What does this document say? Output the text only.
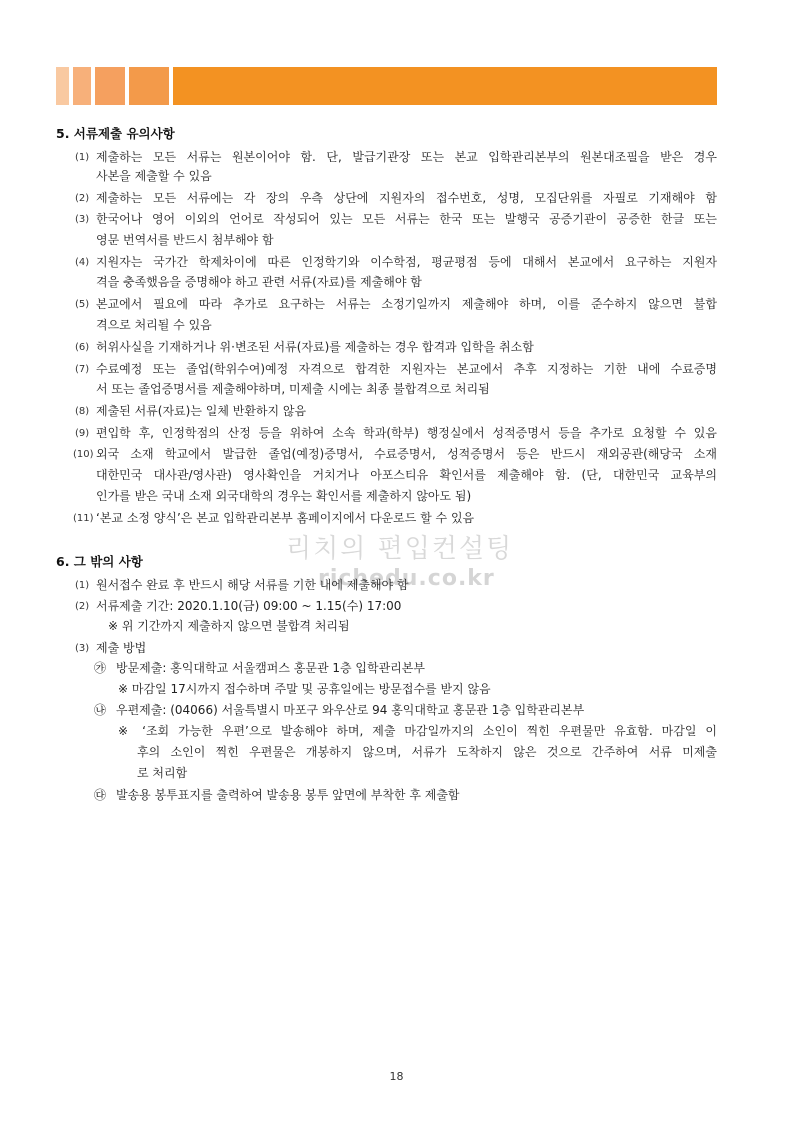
5. 서류제출 유의사항
(1) 제출하는 모든 서류는 원본이어야 함. 단, 발급기관장 또는 본교 입학관리본부의 원본대조필을 받은 경우
사본을 제출할 수 있음
(2) 제출하는 모든 서류에는 각 장의 우측 상단에 지원자의 접수번호, 성명, 모집단위를 자필로 기재해야 함
(3) 한국어나 영어 이외의 언어로 작성되어 있는 모든 서류는 한국 또는 발행국 공증기관이 공증한 한글 또는
영문 번역서를 반드시 첨부해야 함
(4) 지원자는 국가간 학제차이에 따른 인정학기와 이수학점, 평균평점 등에 대해서 본교에서 요구하는 지원자
격을 충족했음을 증명해야 하고 관련 서류(자료)를 제출해야 함
(5) 본교에서 필요에 따라 추가로 요구하는 서류는 소정기일까지 제출해야 하며, 이를 준수하지 않으면 불합
격으로 처리될 수 있음
(6) 허위사실을 기재하거나 위·변조된 서류(자료)를 제출하는 경우 합격과 입학을 취소함
(7) 수료예정 또는 졸업(학위수여)예정 자격으로 합격한 지원자는 본교에서 추후 지정하는 기한 내에 수료증명
서 또는 졸업증명서를 제출해야하며, 미제출 시에는 최종 불합격으로 처리됨
(8) 제출된 서류(자료)는 일체 반환하지 않음
(9) 편입학 후, 인정학점의 산정 등을 위하여 소속 학과(학부) 행정실에서 성적증명서 등을 추가로 요청할 수 있음
(10) 외국 소재 학교에서 발급한 졸업(예정)증명서, 수료증명서, 성적증명서 등은 반드시 재외공관(해당국 소재
대한민국 대사관/영사관) 영사확인을 거치거나 아포스티유 확인서를 제출해야 함. (단, 대한민국 교육부의
인가를 받은 국내 소재 외국대학의 경우는 확인서를 제출하지 않아도 됨)
(11) ‘본교 소정 양식’은 본교 입학관리본부 홈페이지에서 다운로드 할 수 있음
리치의 편입컨설팅
richedu.co.kr
6. 그 밖의 사항
(1) 원서접수 완료 후 반드시 해당 서류를 기한 내에 제출해야 함
(2) 서류제출 기간: 2020.1.10(금) 09:00 ~ 1.15(수) 17:00
※ 위 기간까지 제출하지 않으면 불합격 처리됨
(3) 제출 방법
㉮ 방문제출: 홍익대학교 서울캠퍼스 홍문관 1층 입학관리본부
※ 마감일 17시까지 접수하며 주말 및 공휴일에는 방문접수를 받지 않음
㉯ 우편제출: (04066) 서울특별시 마포구 와우산로 94 홍익대학교 홍문관 1층 입학관리본부
※ ‘조회 가능한 우편’으로 발송해야 하며, 제출 마감일까지의 소인이 찍힌 우편물만 유효함. 마감일 이
후의 소인이 찍힌 우편물은 개봉하지 않으며, 서류가 도착하지 않은 것으로 간주하여 서류 미제출
로 처리함
㉰ 발송용 봉투표지를 출력하여 발송용 봉투 앞면에 부착한 후 제출함
18
